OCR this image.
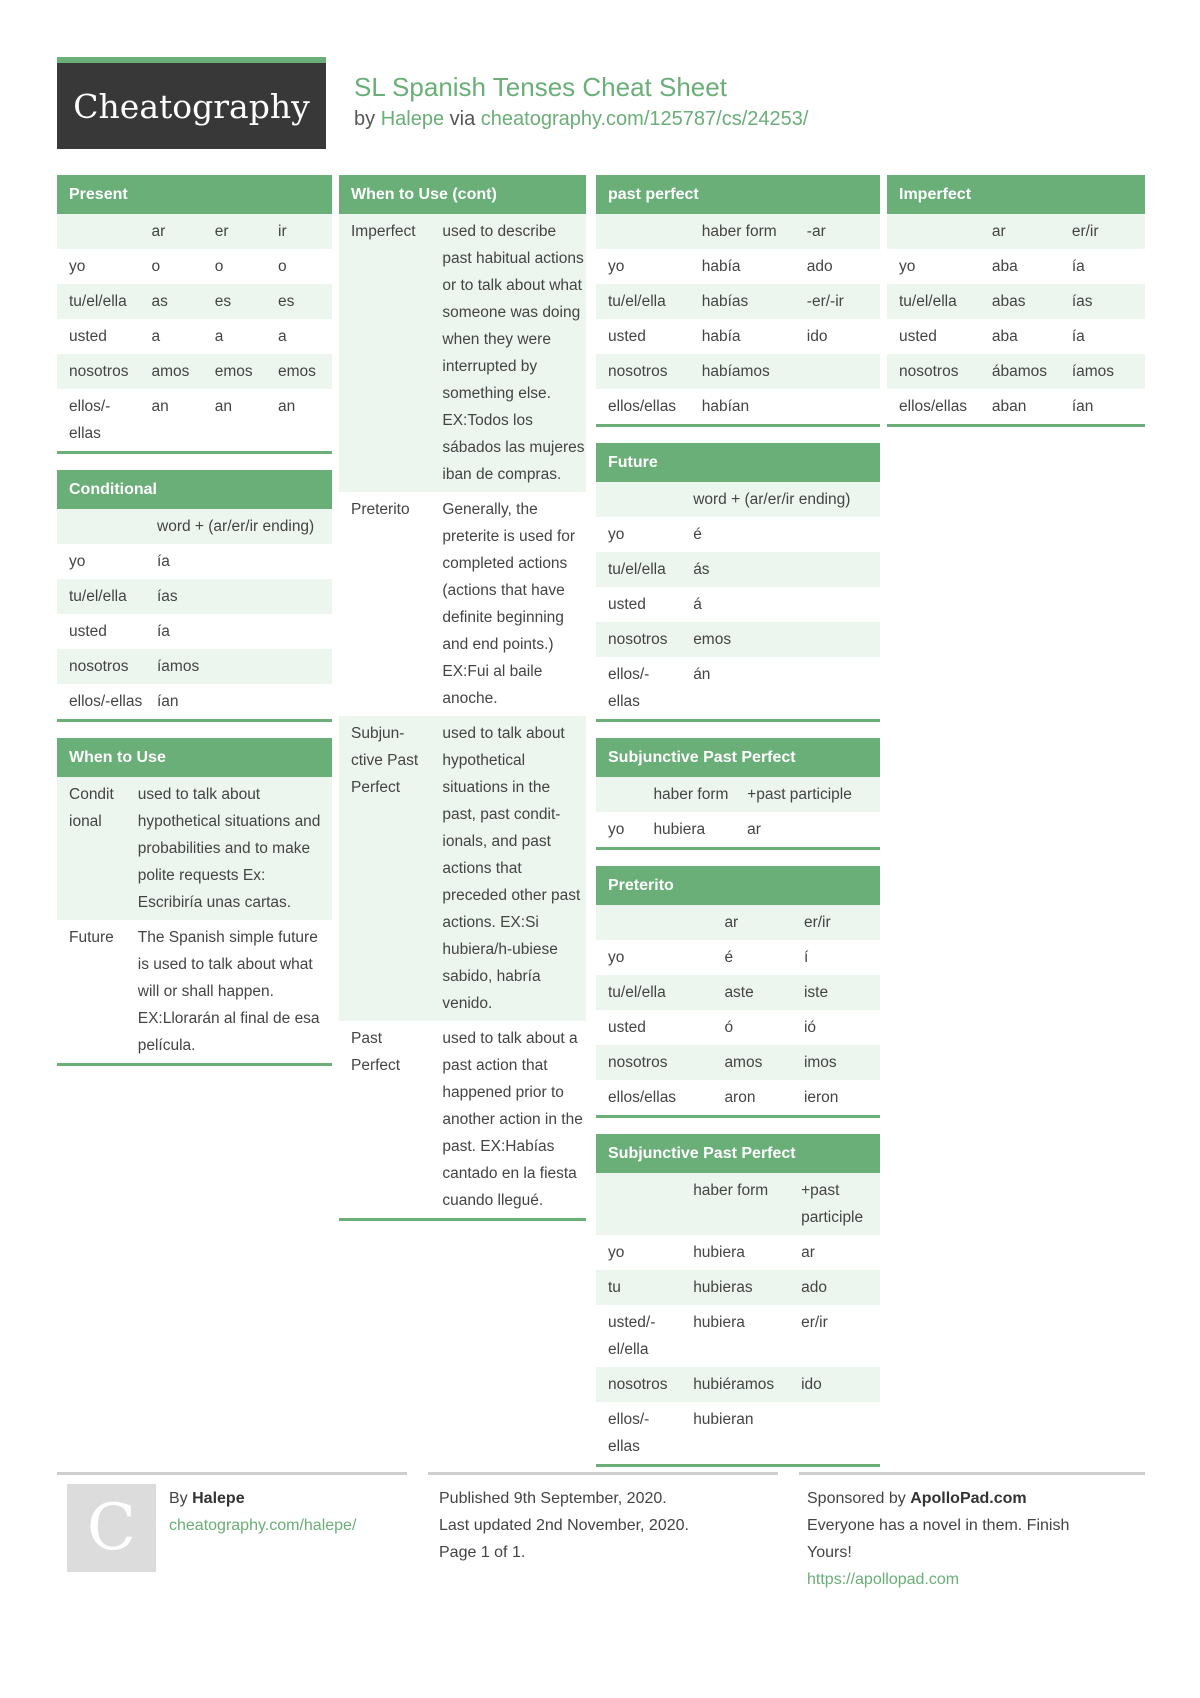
Cheatography SL Spanish Tenses Cheat Sheet
by Halepe via cheatography.com/125787/cs/24253/
Present
	ar	er	ir
yo	o	o	o
tu/el/ella	as	es	es
usted	a	a	a
nosotros	amos	emos	emos
ellos/-ellas	an	an	an
Conditional
	word + (ar/er/ir ending)
yo	ía
tu/el/ella	ías
usted	ía
nosotros	íamos
ellos/-ellas	ían
When to Use
Condit ional	used to talk about hypothetical situations and probabilities and to make polite requests Ex: Escribiría unas cartas.
Future	The Spanish simple future is used to talk about what will or shall happen. EX:Llorarán al final de esa película.
When to Use (cont)
Imperfect	used to describe past habitual actions or to talk about what someone was doing when they were interrupted by something else. EX:Todos los sábados las mujeres iban de compras.
Preterito	Generally, the preterite is used for completed actions (actions that have definite beginning and end points.) EX:Fui al baile anoche.
Subjun-ctive Past Perfect	used to talk about hypothetical situations in the past, past condit-ionals, and past actions that preceded other past actions. EX:Si hubiera/h-ubiese sabido, habría venido.
Past Perfect	used to talk about a past action that happened prior to another action in the past. EX:Habías cantado en la fiesta cuando llegué.
past perfect
	haber form	-ar
yo	había	ado
tu/el/ella	habías	-er/-ir
usted	había	ido
nosotros	habíamos	
ellos/ellas	habían	
Future
	word + (ar/er/ir ending)
yo	é
tu/el/ella	ás
usted	á
nosotros	emos
ellos/-ellas	án
Subjunctive Past Perfect
	haber form	+past participle
yo	hubiera	ar
Preterito
	ar	er/ir
yo	é	í
tu/el/ella	aste	iste
usted	ó	ió
nosotros	amos	imos
ellos/ellas	aron	ieron
Subjunctive Past Perfect
	haber form	+past participle
yo	hubiera	ar
tu	hubieras	ado
usted/-el/ella	hubiera	er/ir
nosotros	hubiéramos	ido
ellos/-ellas	hubieran	
Imperfect
	ar	er/ir
yo	aba	ía
tu/el/ella	abas	ías
usted	aba	ía
nosotros	ábamos	íamos
ellos/ellas	aban	ían
C By Halepe
cheatography.com/halepe/
Published 9th September, 2020.
Last updated 2nd November, 2020.
Page 1 of 1.
Sponsored by ApolloPad.com
Everyone has a novel in them. Finish Yours!
https://apollopad.com
